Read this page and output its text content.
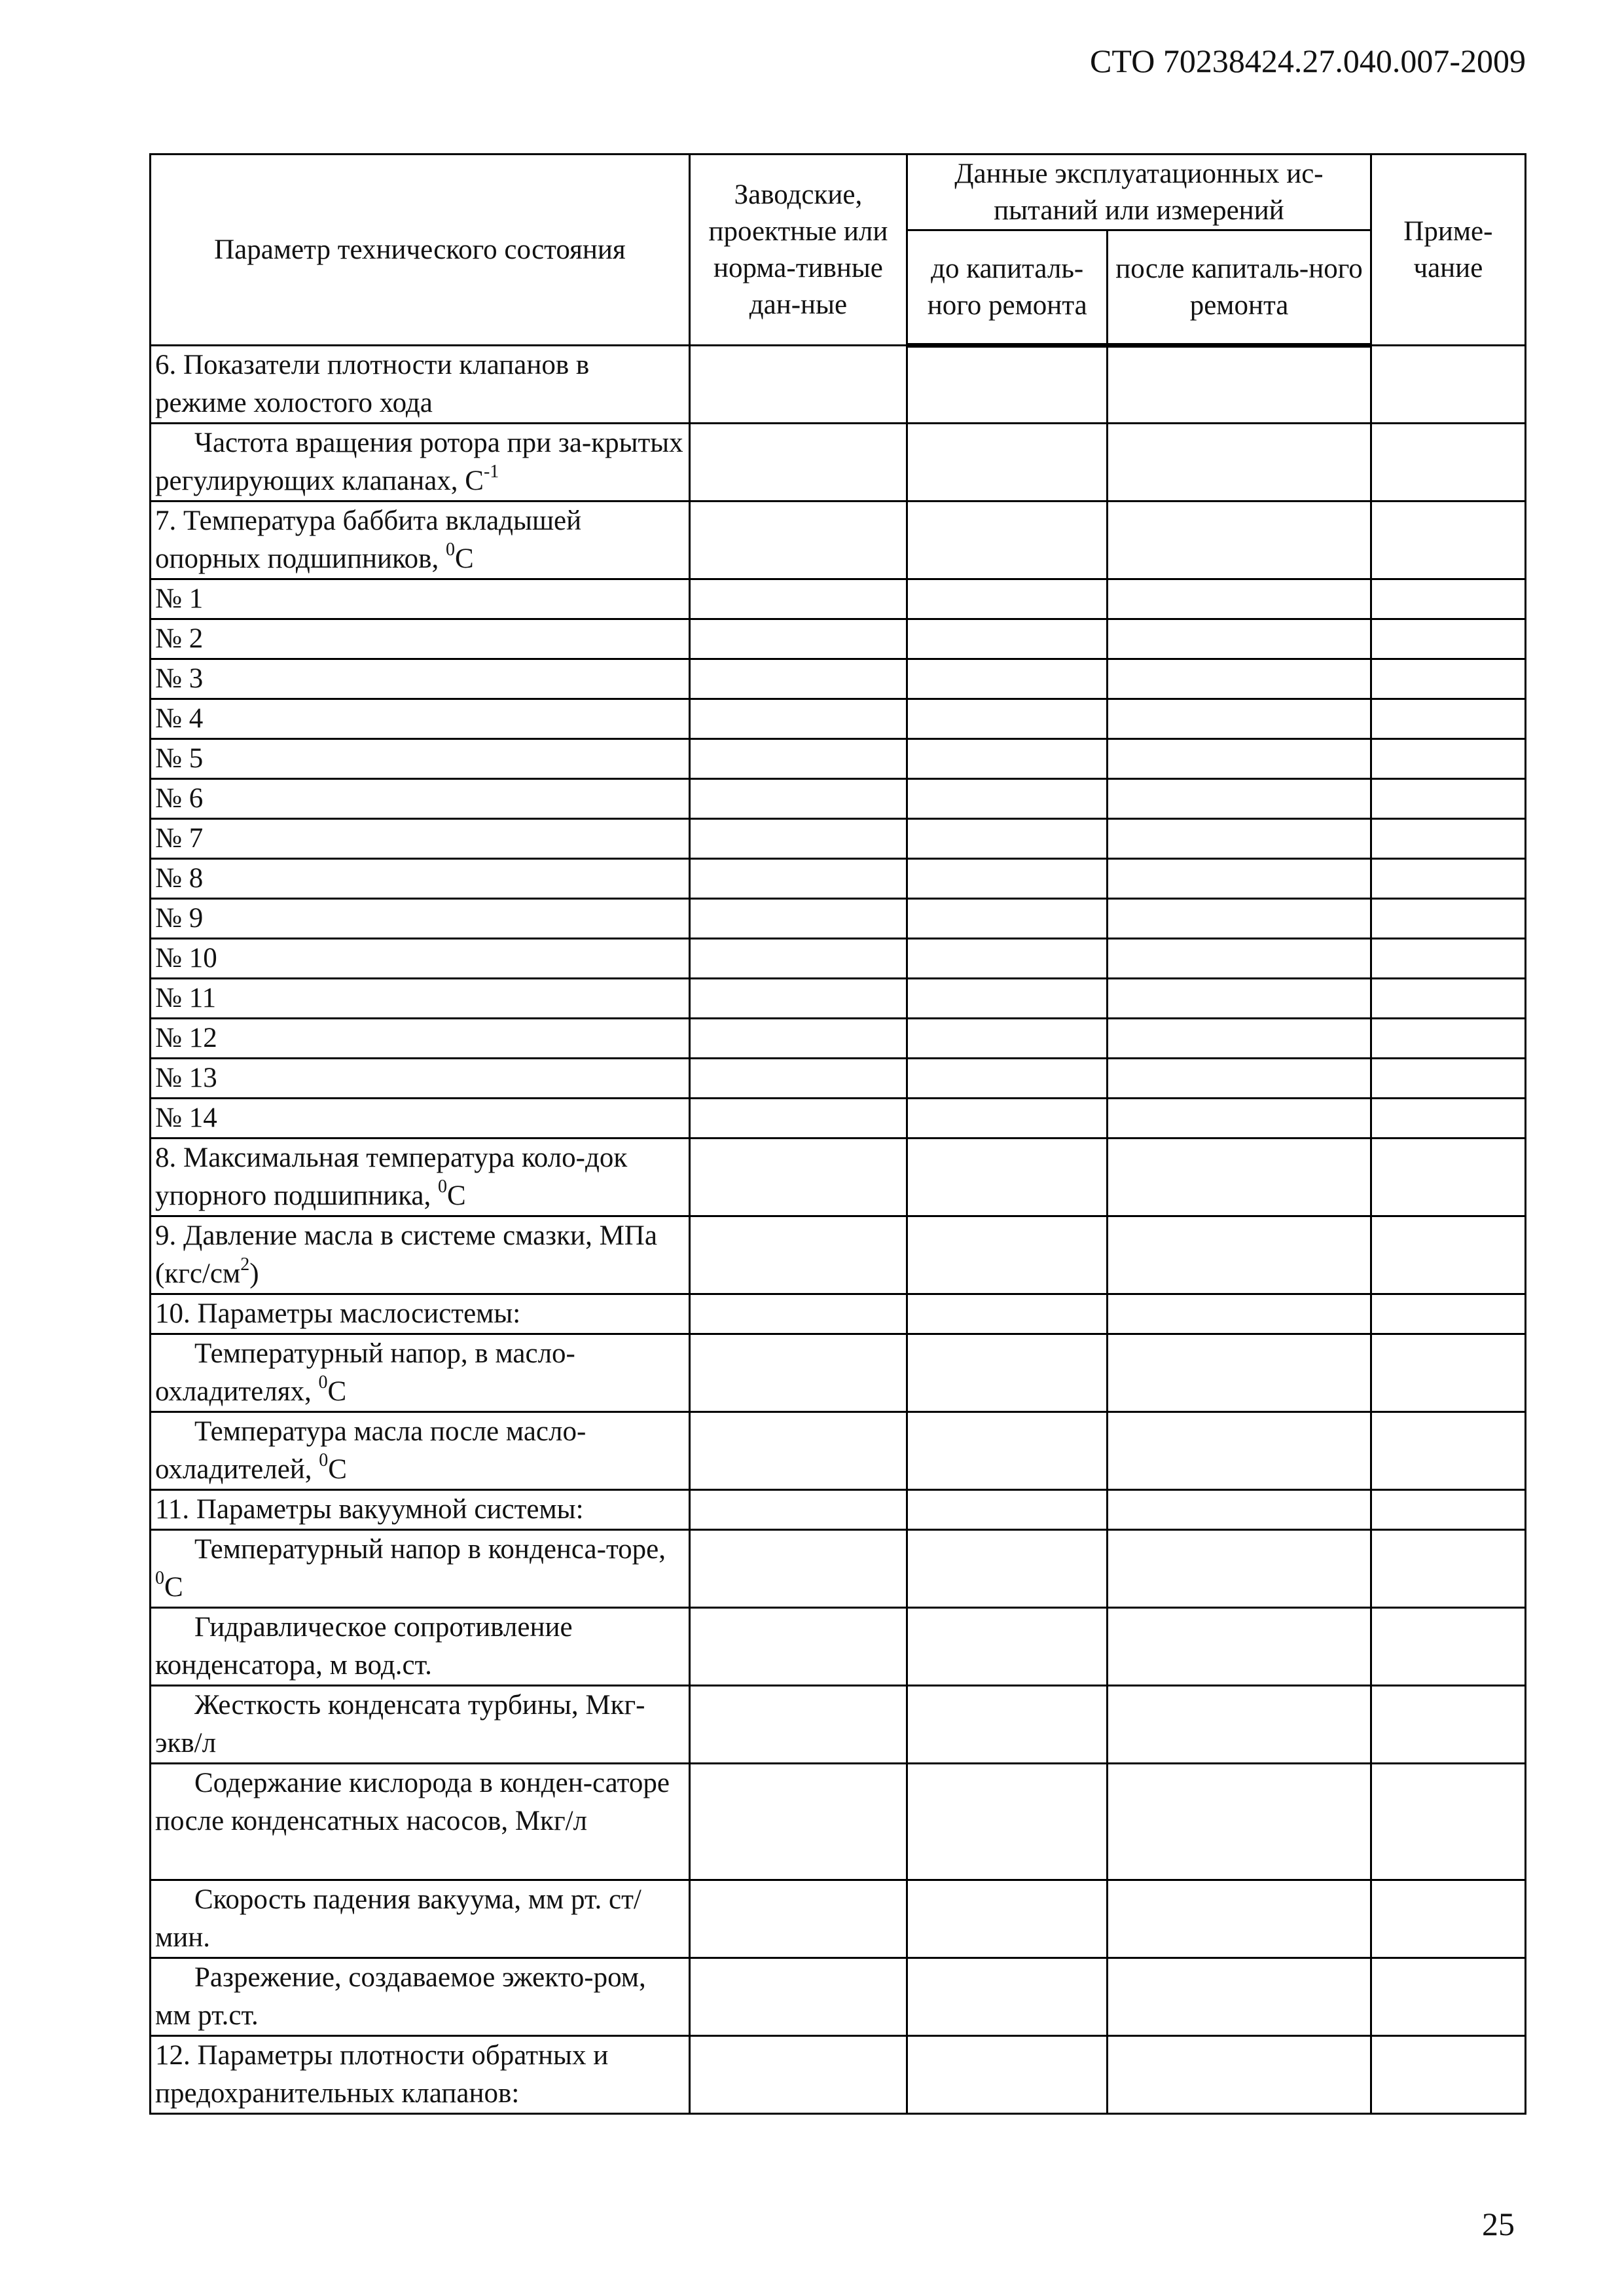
СТО 70238424.27.040.007-2009
Параметр технического состояния	Заводские, проектные или норма-тивные дан-ные	Данные эксплуатационных ис-пытаний или измерений		Приме-чание
		до капиталь-ного ремонта	после капиталь-ного ремонта	
6. Показатели плотности клапанов в режиме холостого хода				
Частота вращения ротора при за-крытых регулирующих клапанах, $С^{-1}$				
7. Температура баббита вкладышей опорных подшипников, $^0$С				
№ 1				
№ 2				
№ 3				
№ 4				
№ 5				
№ 6				
№ 7				
№ 8				
№ 9				
№ 10				
№ 11				
№ 12				
№ 13				
№ 14				
8. Максимальная температура коло-док упорного подшипника, $^0$С				
9. Давление масла в системе смазки, МПа $(кгс/см^2)$				
10. Параметры маслосистемы:				
Температурный напор, в масло-охладителях, $^0$С				
Температура масла после масло-охладителей, $^0$С				
11. Параметры вакуумной системы:				
Температурный напор в конденса-торе, $^0$С				
Гидравлическое сопротивление конденсатора, м вод.ст.				
Жесткость конденсата турбины, Мкг-экв/л				
Содержание кислорода в конден-саторе после конденсатных насосов, Мкг/л				
Скорость падения вакуума, мм рт. ст/мин.				
Разрежение, создаваемое эжекто-ром, мм рт.ст.				
12. Параметры плотности обратных и предохранительных клапанов:				
25
